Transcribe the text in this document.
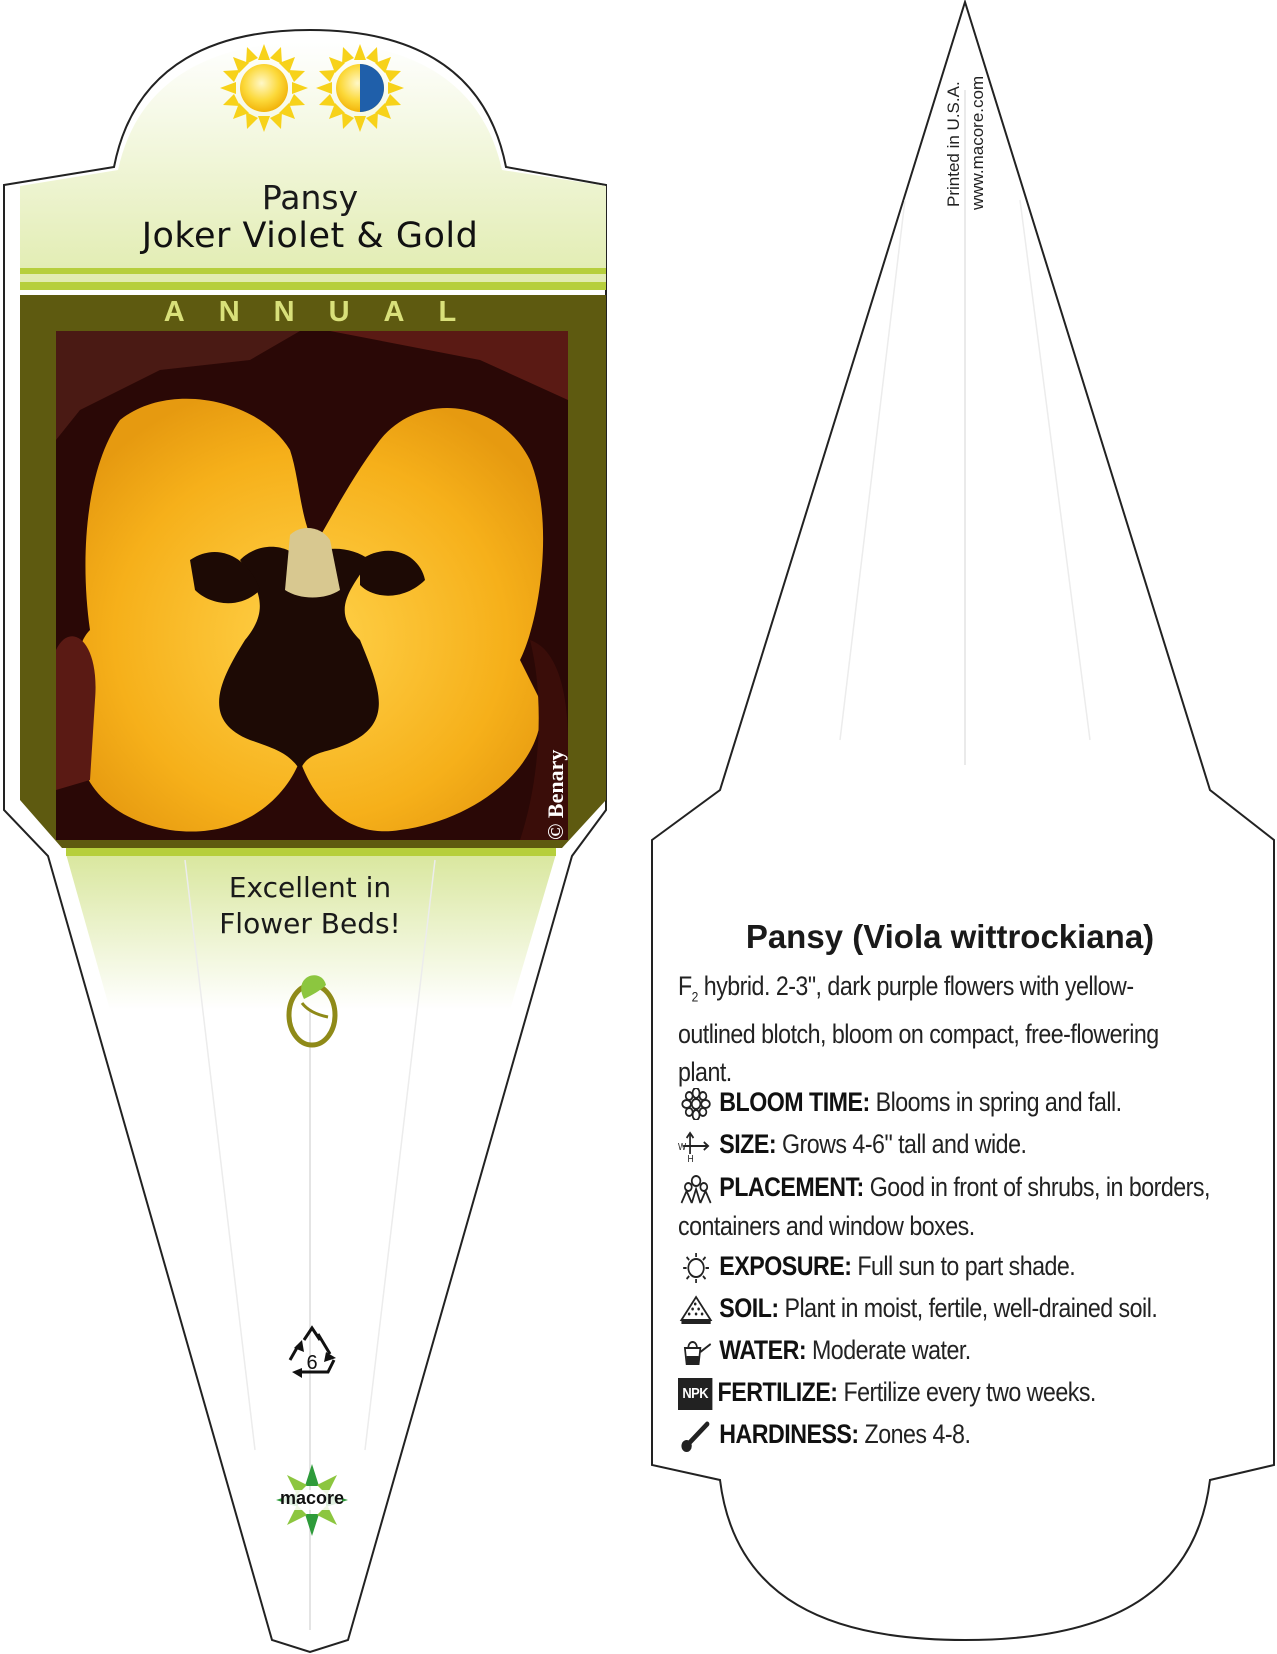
Pansy
Joker Violet & Gold
ANNUAL
© Benary
Excellent in
Flower Beds!
6
macore
Printed in U.S.A. www.macore.com
Pansy (Viola wittrockiana)
$F_2$ hybrid. 2-3", dark purple flowers with yellow-outlined blotch, bloom on compact, free-flowering plant.
BLOOM TIME: Blooms in spring and fall.
W
H SIZE: Grows 4-6" tall and wide.
PLACEMENT: Good in front of shrubs, in borders,
containers and window boxes.
EXPOSURE: Full sun to part shade.
SOIL: Plant in moist, fertile, well-drained soil.
WATER: Moderate water.
NPK FERTILIZE: Fertilize every two weeks.
HARDINESS: Zones 4-8.
